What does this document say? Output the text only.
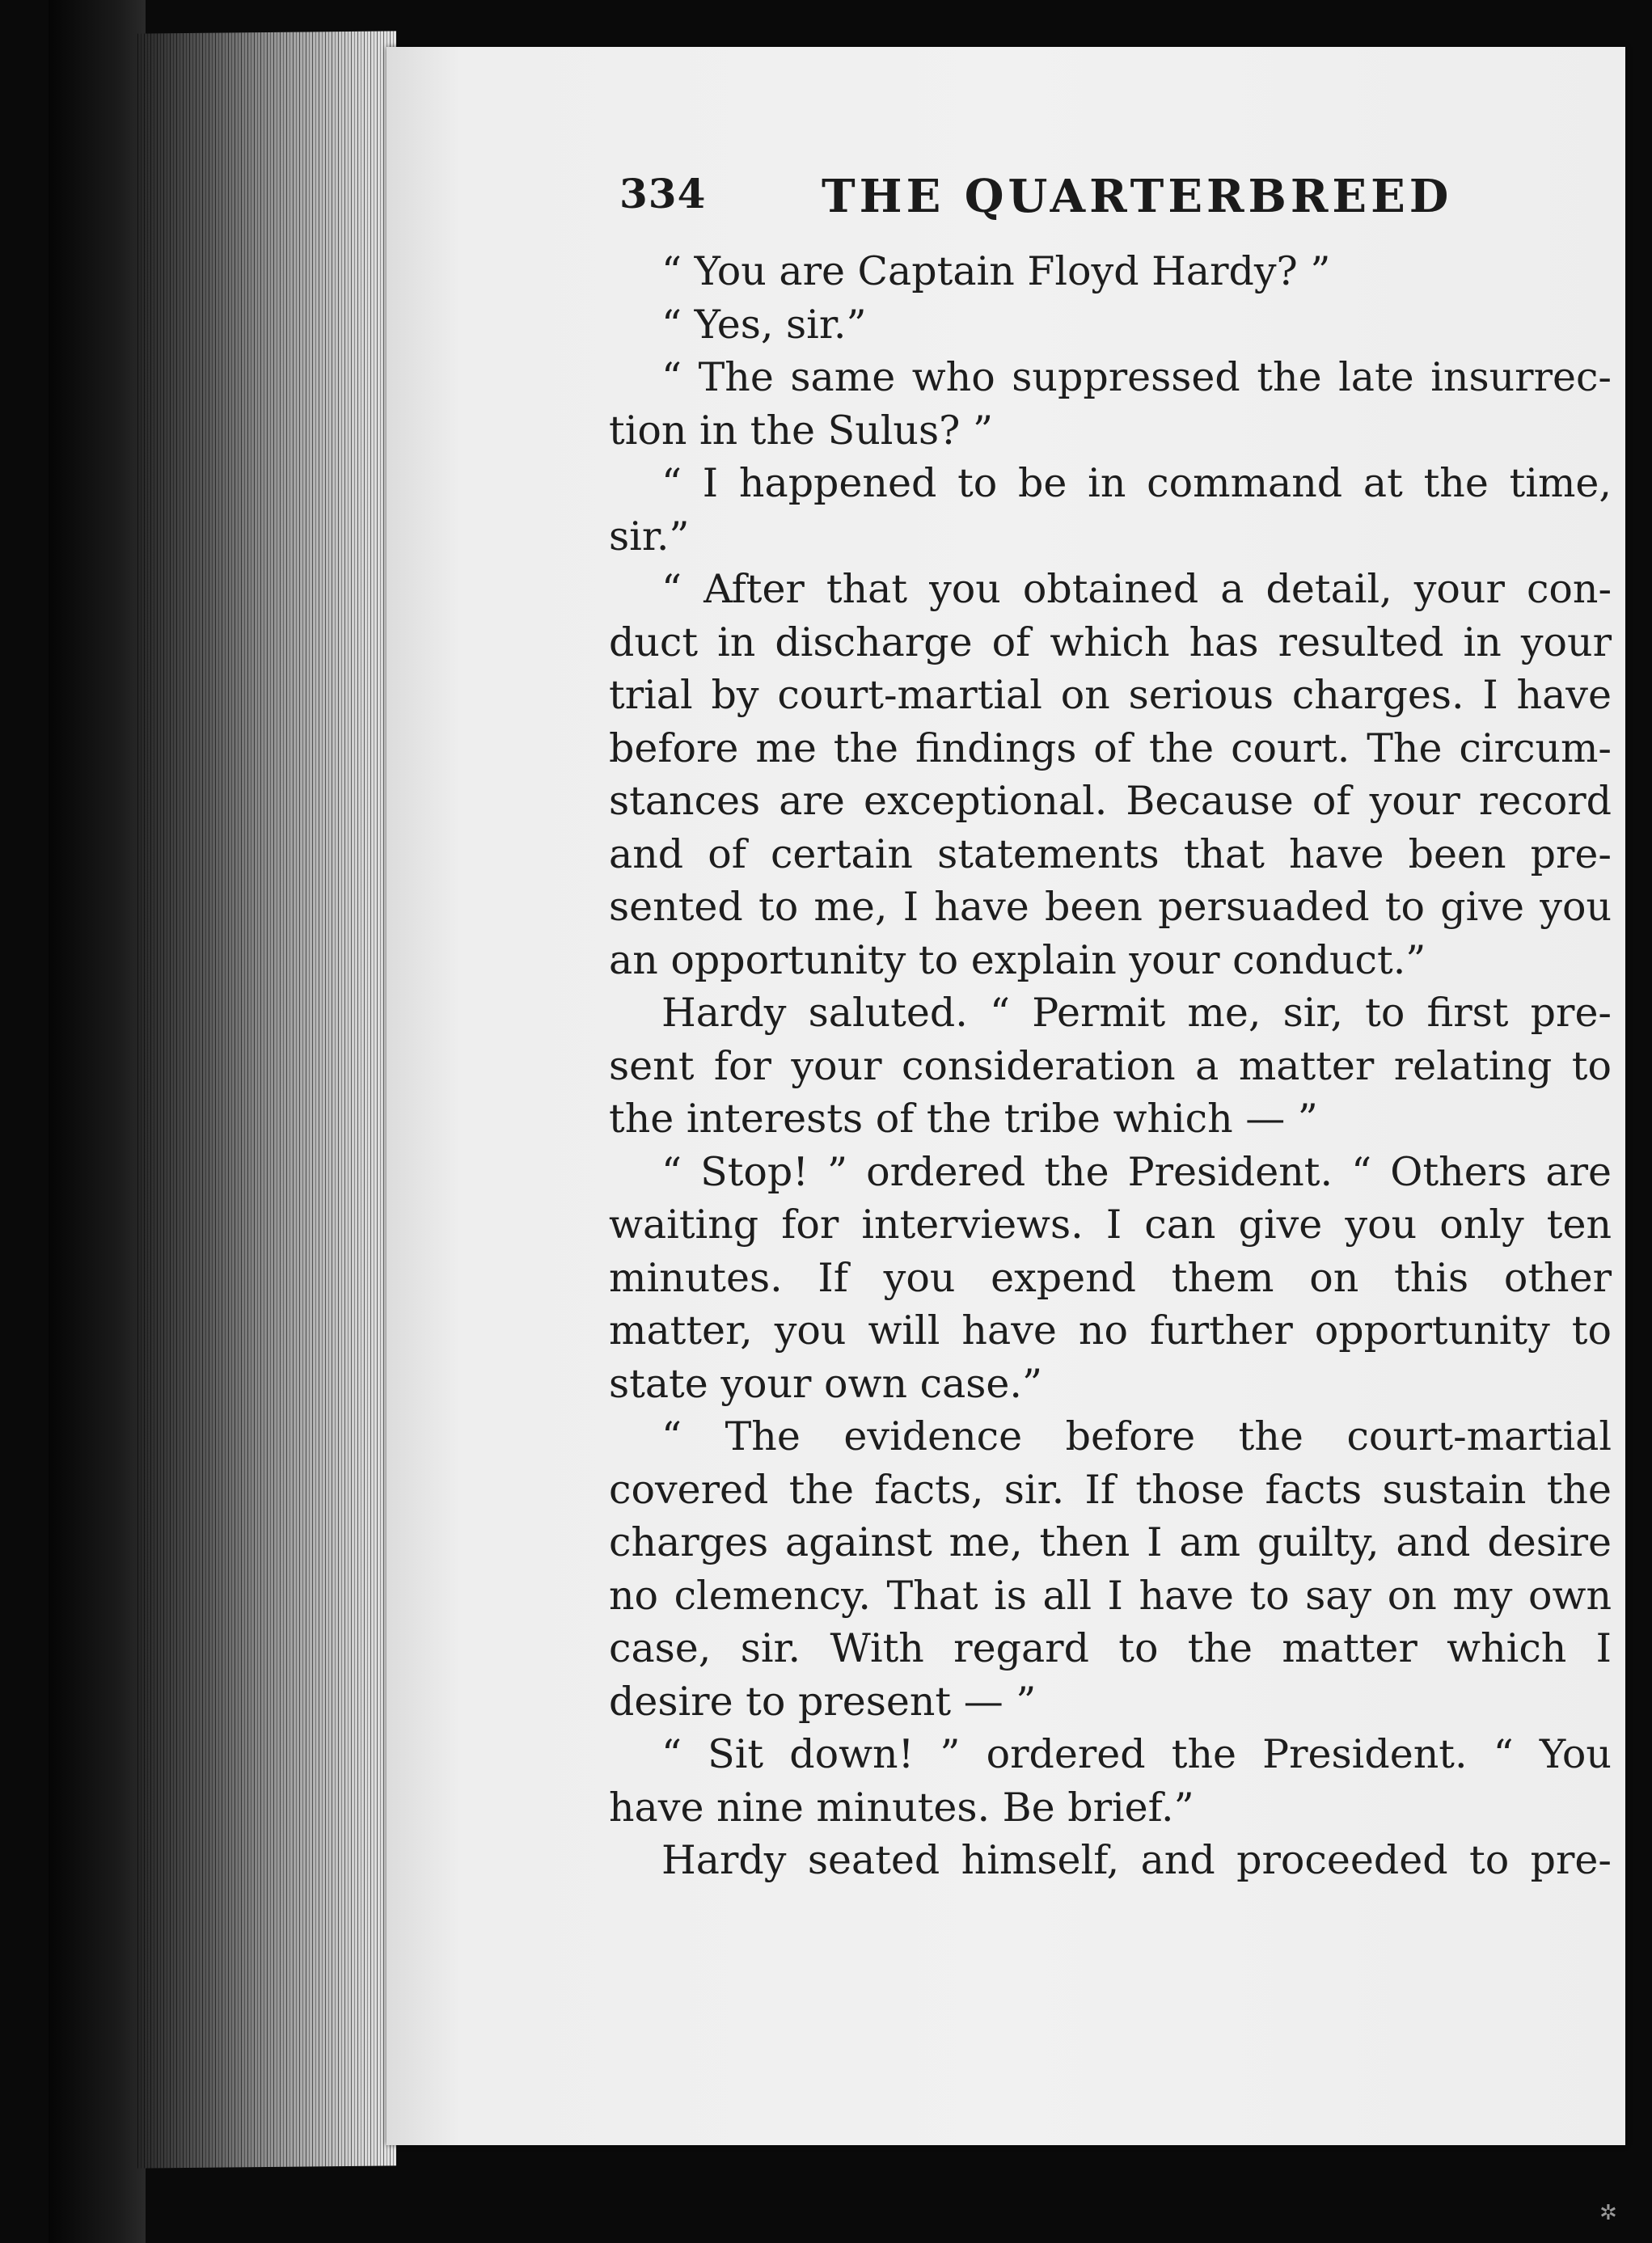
334	THE QUARTERBREED
“ You are Captain Floyd Hardy? ”
“ Yes, sir.”
“ The same who suppressed the late insurrec-
tion in the Sulus? ”
“ I happened to be in command at the time,
sir.”
“ After that you obtained a detail, your con-
duct in discharge of which has resulted in your
trial by court-martial on serious charges. I have
before me the findings of the court. The circum-
stances are exceptional. Because of your record
and of certain statements that have been pre-
sented to me, I have been persuaded to give you
an opportunity to explain your conduct.”
Hardy saluted. “ Permit me, sir, to first pre-
sent for your consideration a matter relating to
the interests of the tribe which — ”
“ Stop! ” ordered the President. “ Others are
waiting for interviews. I can give you only ten
minutes. If you expend them on this other
matter, you will have no further opportunity to
state your own case.”
“ The evidence before the court-martial
covered the facts, sir. If those facts sustain the
charges against me, then I am guilty, and desire
no clemency. That is all I have to say on my own
case, sir. With regard to the matter which I
desire to present — ”
“ Sit down! ” ordered the President. “ You
have nine minutes. Be brief.”
Hardy seated himself, and proceeded to pre-
✲
